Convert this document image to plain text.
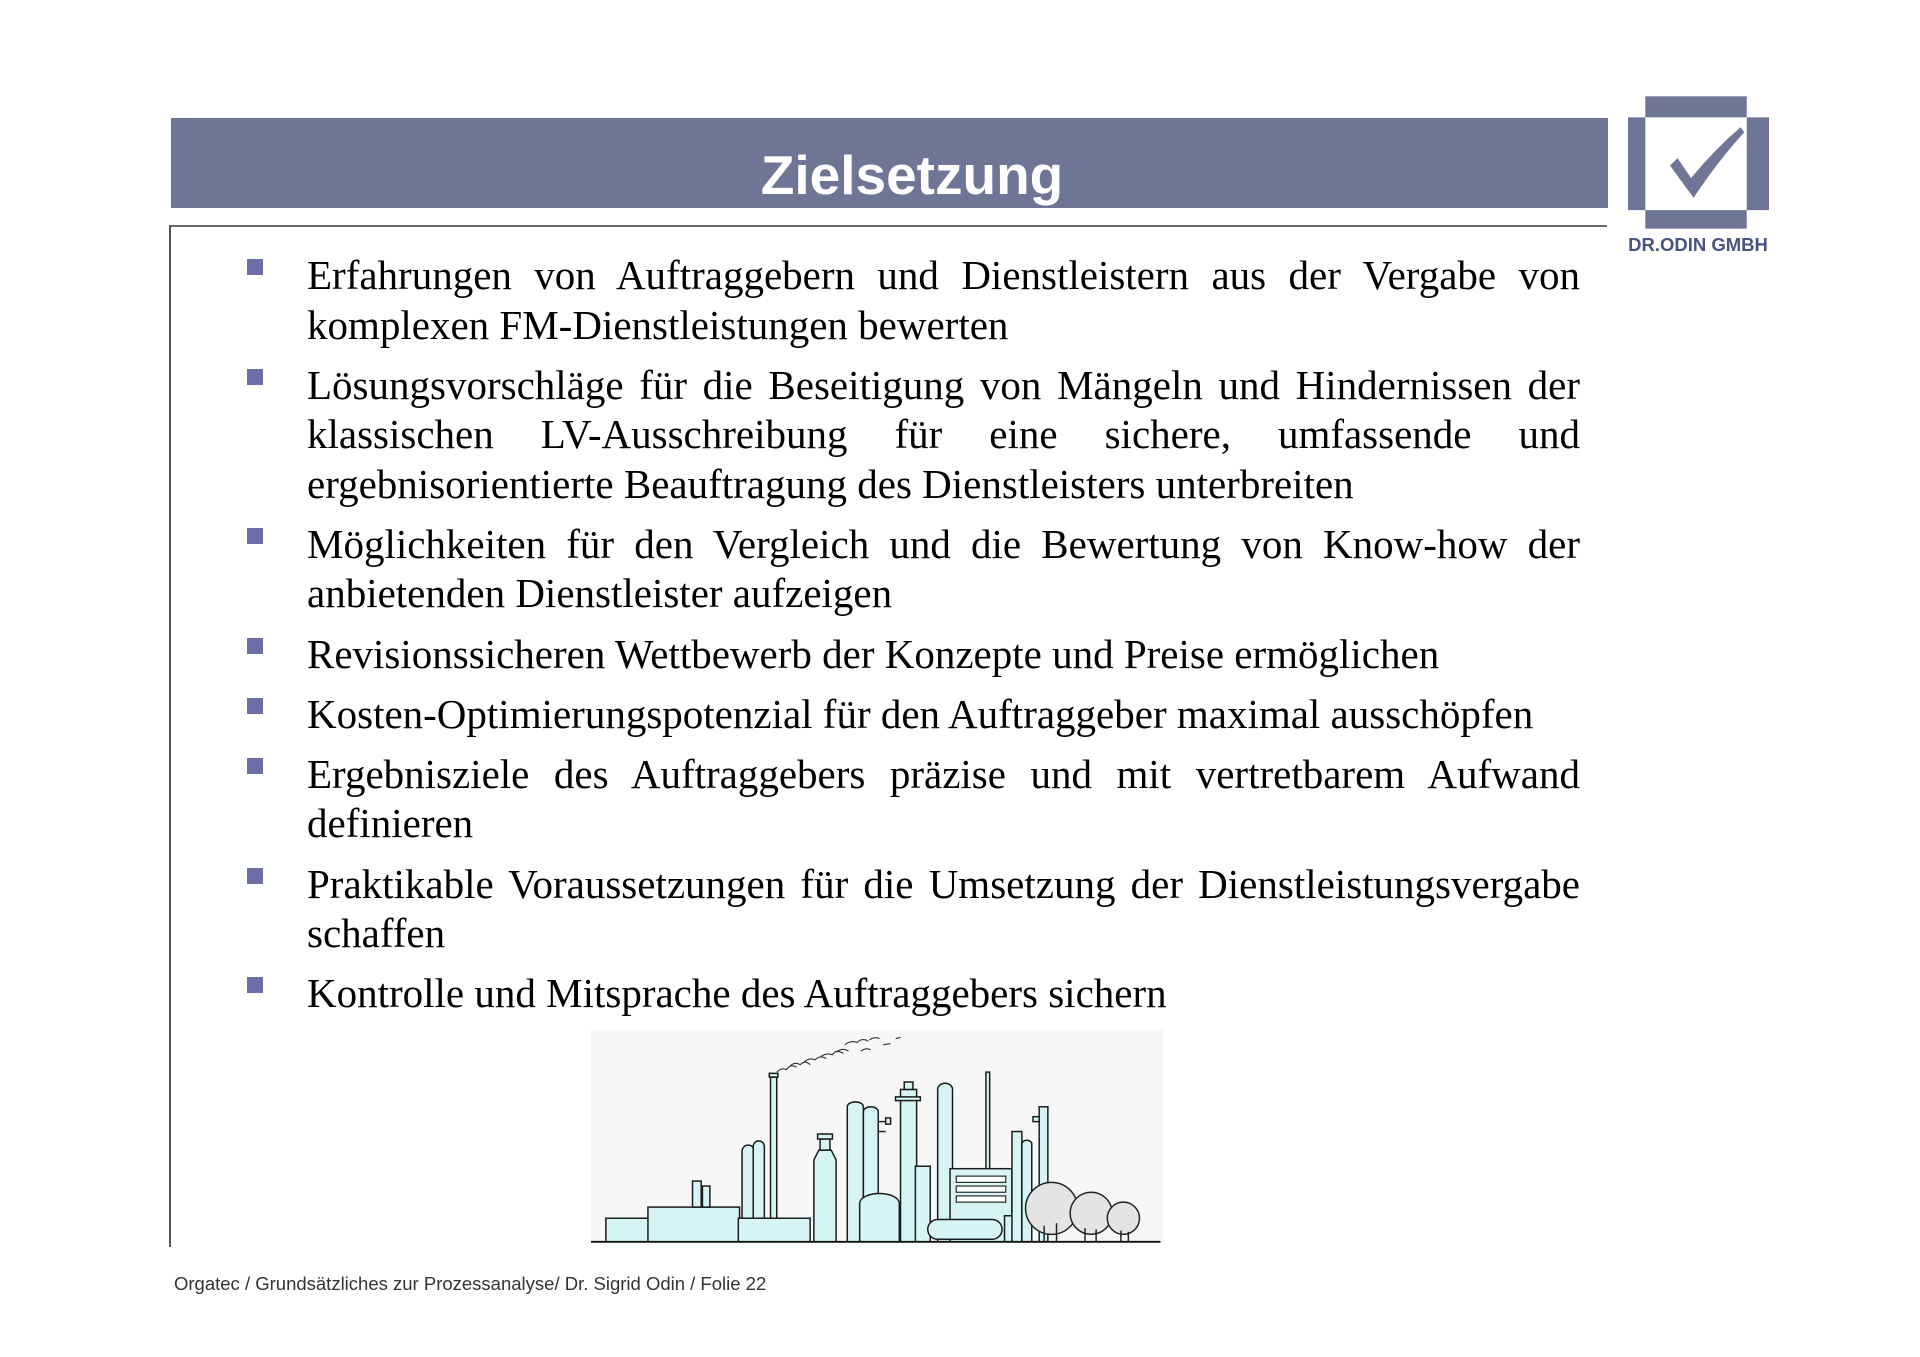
Zielsetzung
DR.ODIN GMBH
Erfahrungen von Auftraggebern und Dienstleistern aus der Vergabe von komplexen FM-Dienstleistungen bewerten
Lösungsvorschläge für die Beseitigung von Mängeln und Hindernissen der klassischen LV-Ausschreibung für eine sichere, umfassende und ergebnisorientierte Beauftragung des Dienstleisters unterbreiten
Möglichkeiten für den Vergleich und die Bewertung von Know-how der anbietenden Dienstleister aufzeigen
Revisionssicheren Wettbewerb der Konzepte und Preise ermöglichen
Kosten-Optimierungspotenzial für den Auftraggeber maximal ausschöpfen
Ergebnisziele des Auftraggebers präzise und mit vertretbarem Aufwand definieren
Praktikable Voraussetzungen für die Umsetzung der Dienstleistungsvergabe schaffen
Kontrolle und Mitsprache des Auftraggebers sichern
Orgatec / Grundsätzliches zur Prozessanalyse/ Dr. Sigrid Odin / Folie 22
